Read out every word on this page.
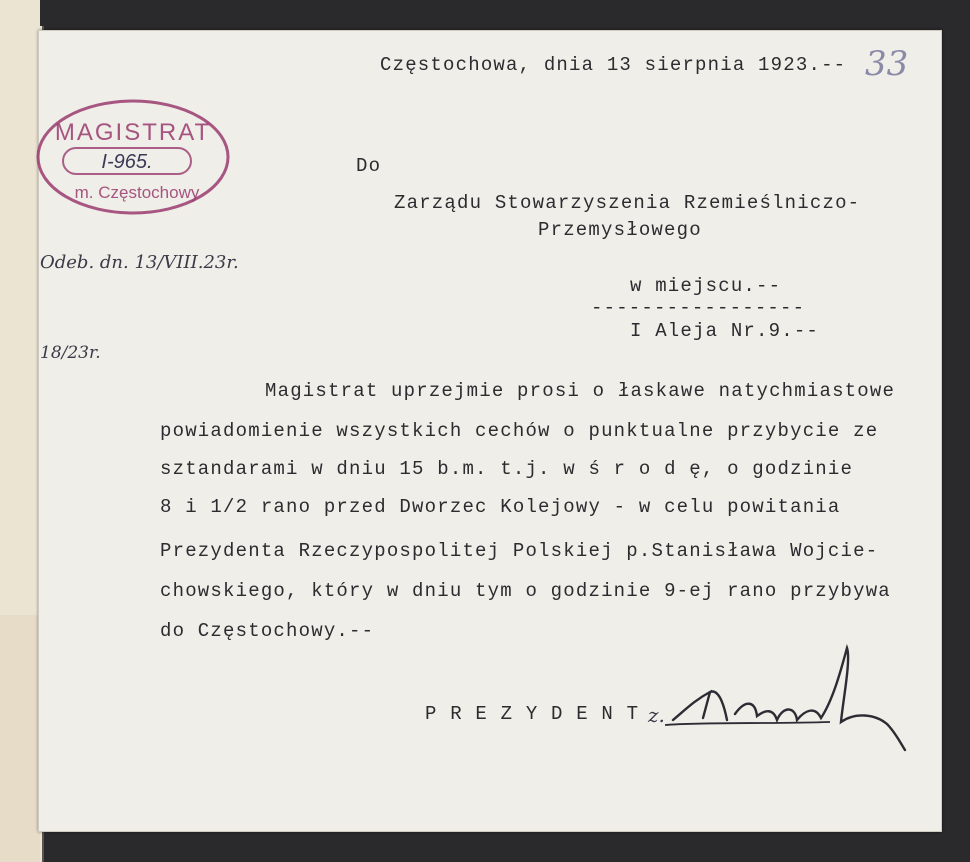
Częstochowa, dnia 13 sierpnia 1923.-- 33
MAGISTRAT
I-965.
m. Częstochowy
Odeb. dn. 13/VIII.23r.
18/23r.
Do
Zarządu Stowarzyszenia Rzemieślniczo-
Przemysłowego
w miejscu.--
-----------------
I Aleja Nr.9.--
Magistrat uprzejmie prosi o łaskawe natychmiastowe
powiadomienie wszystkich cechów o punktualne przybycie ze
sztandarami w dniu 15 b.m. t.j. w ś r o d ę, o godzinie
8 i 1/2 rano przed Dworzec Kolejowy - w celu powitania
Prezydenta Rzeczypospolitej Polskiej p.Stanisława Wojcie-
chowskiego, który w dniu tym o godzinie 9-ej rano przybywa
do Częstochowy.--
P R E Z Y D E N T z.
